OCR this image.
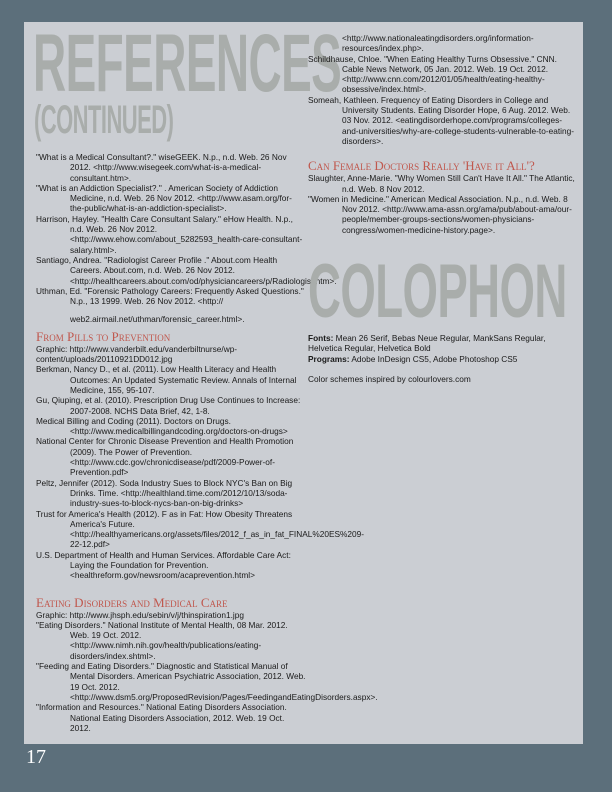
REFERENCES
(CONTINUED)

"What is a Medical Consultant?." wiseGEEK. N.p., n.d. Web. 26 Nov 2012. <http://www.wisegeek.com/what-is-a-medical-consultant.htm>.

"What is an Addiction Specialist?." . American Society of Addiction Medicine, n.d. Web. 26 Nov 2012. <http://www.asam.org/for-the-public/what-is-an-addiction-specialist>.

Harrison, Hayley. "Health Care Consultant Salary." eHow Health. N.p., n.d. Web. 26 Nov 2012. <http://www.ehow.com/about_5282593_health-care-consultant-salary.html>.

Santiago, Andrea. "Radiologist Career Profile ." About.com Health Careers. About.com, n.d. Web. 26 Nov 2012. <http://healthcareers.about.com/od/physiciancareers/p/Radiologist.htm>.

Uthman, Ed. "Forensic Pathology Careers: Frequently Asked Questions." N.p., 13 1999. Web. 26 Nov 2012. <http://

web2.airmail.net/uthman/forensic_career.html>.

From Pills to Prevention

Graphic: http://www.vanderbilt.edu/vanderbiltnurse/wp-content/uploads/20110921DD012.jpg

Berkman, Nancy D., et al. (2011). Low Health Literacy and Health Outcomes: An Updated Systematic Review. Annals of Internal Medicine, 155, 95-107.

Gu, Qiuping, et al. (2010). Prescription Drug Use Continues to Increase: 2007-2008. NCHS Data Brief, 42, 1-8.

Medical Billing and Coding (2011). Doctors on Drugs. <http://www.medicalbillingandcoding.org/doctors-on-drugs>

National Center for Chronic Disease Prevention and Health Promotion (2009). The Power of Prevention. <http://www.cdc.gov/chronicdisease/pdf/2009-Power-of-Prevention.pdf>

Peltz, Jennifer (2012). Soda Industry Sues to Block NYC's Ban on Big Drinks. Time. <http://healthland.time.com/2012/10/13/soda-industry-sues-to-block-nycs-ban-on-big-drinks>

Trust for America's Health (2012). F as in Fat: How Obesity Threatens America's Future. <http://healthyamericans.org/assets/files/2012_f_as_in_fat_FINAL%20ES%209-22-12.pdf>

U.S. Department of Health and Human Services. Affordable Care Act: Laying the Foundation for Prevention. <healthreform.gov/newsroom/acaprevention.html>

Eating Disorders and Medical Care

Graphic: http://www.jhsph.edu/sebin/v/j/thinspiration1.jpg

"Eating Disorders." National Institute of Mental Health, 08 Mar. 2012. Web. 19 Oct. 2012. <http://www.nimh.nih.gov/health/publications/eating-disorders/index.shtml>.

"Feeding and Eating Disorders." Diagnostic and Statistical Manual of Mental Disorders. American Psychiatric Association, 2012. Web. 19 Oct. 2012. <http://www.dsm5.org/ProposedRevision/Pages/FeedingandEatingDisorders.aspx>.

"Information and Resources." National Eating Disorders Association. National Eating Disorders Association, 2012. Web. 19 Oct. 2012.

<http://www.nationaleatingdisorders.org/information-resources/index.php>.

Schildhause, Chloe. "When Eating Healthy Turns Obsessive." CNN. Cable News Network, 05 Jan. 2012. Web. 19 Oct. 2012. <http://www.cnn.com/2012/01/05/health/eating-healthy-obsessive/index.html>.

Someah, Kathleen. Frequency of Eating Disorders in College and University Students. Eating Disorder Hope, 6 Aug. 2012. Web. 03 Nov. 2012. <eatingdisorderhope.com/programs/colleges-and-universities/why-are-college-students-vulnerable-to-eating-disorders>.

Can Female Doctors Really 'Have it All'?

Slaughter, Anne-Marie. "Why Women Still Can't Have It All." The Atlantic, n.d. Web. 8 Nov 2012.

"Women in Medicine." American Medical Association. N.p., n.d. Web. 8 Nov 2012. <http://www.ama-assn.org/ama/pub/about-ama/our-people/member-groups-sections/women-physicians-congress/women-medicine-history.page>.

COLOPHON

Fonts: Mean 26 Serif, Bebas Neue Regular, MankSans Regular, Helvetica Regular, Helvetica Bold

Programs: Adobe InDesign CS5, Adobe Photoshop CS5

Color schemes inspired by colourlovers.com

17
